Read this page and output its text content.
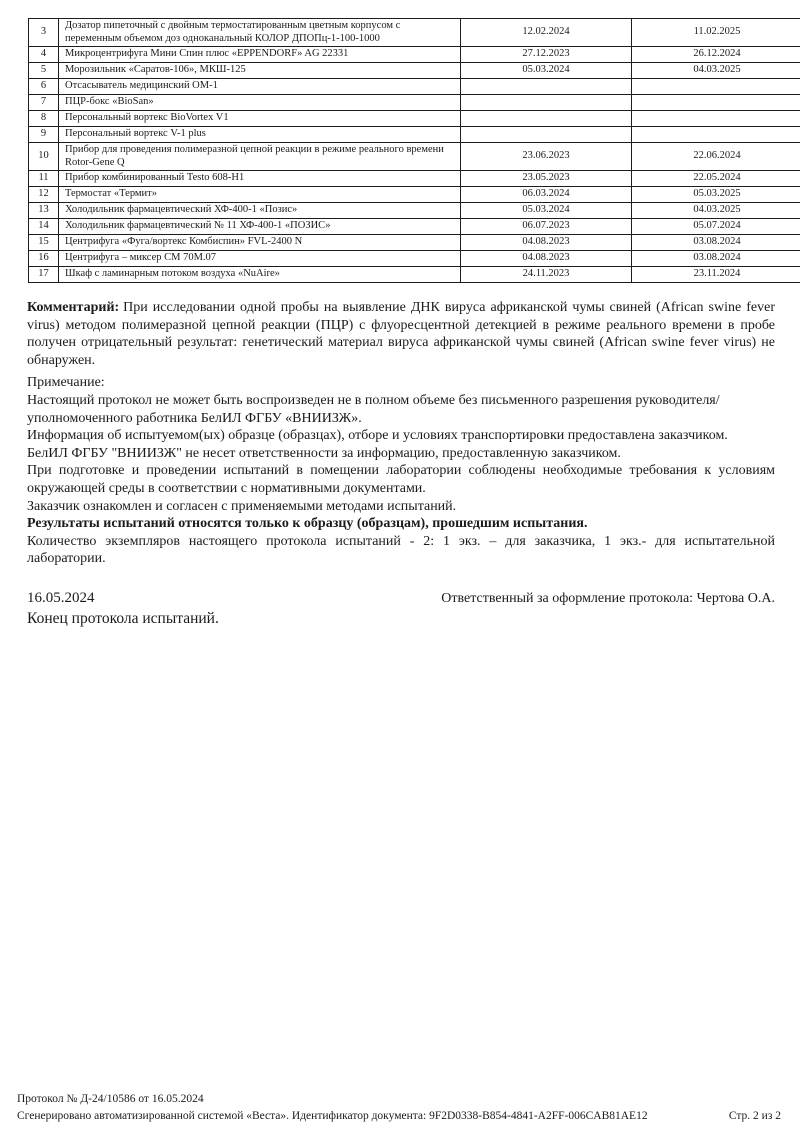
3	Дозатор пипеточный с двойным термостатированным цветным корпусом с переменным объемом доз одноканальный КОЛОР ДПОПц-1-100-1000	12.02.2024	11.02.2025
4	Микроцентрифуга Мини Спин плюс «EPPENDORF» AG 22331	27.12.2023	26.12.2024
5	Морозильник «Саратов-106», МКШ-125	05.03.2024	04.03.2025
6	Отсасыватель медицинский ОМ-1		
7	ПЦР-бокс «BioSan»		
8	Персональный вортекс BioVortex V1		
9	Персональный вортекс V-1 plus		
10	Прибор для проведения полимеразной цепной реакции в режиме реального времени Rotor-Gene Q	23.06.2023	22.06.2024
11	Прибор комбинированный Testo 608-H1	23.05.2023	22.05.2024
12	Термостат «Термит»	06.03.2024	05.03.2025
13	Холодильник фармацевтический ХФ-400-1 «Позис»	05.03.2024	04.03.2025
14	Холодильник фармацевтический № 11 ХФ-400-1 «ПОЗИС»	06.07.2023	05.07.2024
15	Центрифуга «Фуга/вортекс Комбиспин» FVL-2400 N	04.08.2023	03.08.2024
16	Центрифуга – миксер СМ 70М.07	04.08.2023	03.08.2024
17	Шкаф с ламинарным потоком воздуха «NuAire»	24.11.2023	23.11.2024

Комментарий: При исследовании одной пробы на выявление ДНК вируса африканской чумы свиней (African swine fever virus) методом полимеразной цепной реакции (ПЦР) с флуоресцентной детекцией в режиме реального времени в пробе получен отрицательный результат: генетический материал вируса африканской чумы свиней (African swine fever virus) не обнаружен.

Примечание:
Настоящий протокол не может быть воспроизведен не в полном объеме без письменного разрешения руководителя/уполномоченного работника БелИЛ ФГБУ «ВНИИЗЖ».
Информация об испытуемом(ых) образце (образцах), отборе и условиях транспортировки предоставлена заказчиком.
БелИЛ ФГБУ "ВНИИЗЖ" не несет ответственности за информацию, предоставленную заказчиком.
При подготовке и проведении испытаний в помещении лаборатории соблюдены необходимые требования к условиям окружающей среды в соответствии с нормативными документами.
Заказчик ознакомлен и согласен с применяемыми методами испытаний.
Результаты испытаний относятся только к образцу (образцам), прошедшим испытания.
Количество экземпляров настоящего протокола испытаний - 2: 1 экз. – для заказчика, 1 экз.- для испытательной лаборатории.
16.05.2024	Ответственный за оформление протокола: Чертова О.А.
Конец протокола испытаний.
Протокол № Д-24/10586 от 16.05.2024
Сгенерировано автоматизированной системой «Веста». Идентификатор документа: 9F2D0338-B854-4841-A2FF-006CAB81AE12	Стр. 2 из 2
